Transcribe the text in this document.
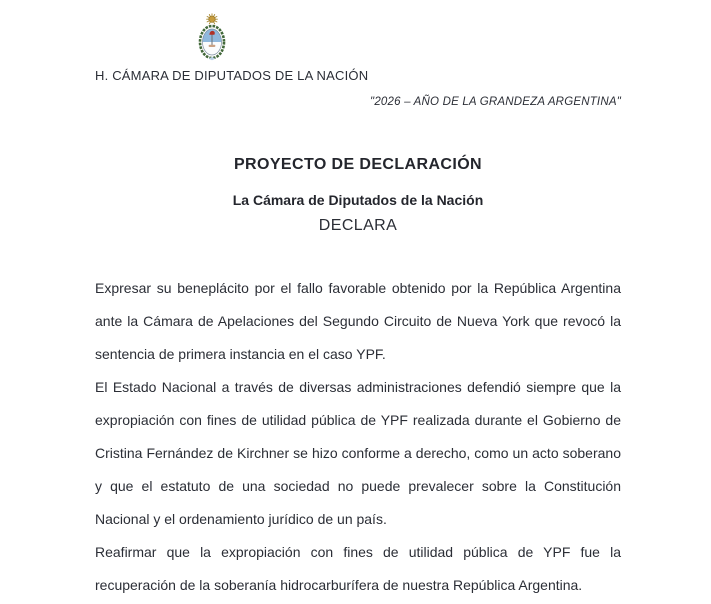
H. CÁMARA DE DIPUTADOS DE LA NACIÓN
"2026 – AÑO DE LA GRANDEZA ARGENTINA"
PROYECTO DE DECLARACIÓN
La Cámara de Diputados de la Nación
DECLARA

Expresar su beneplácito por el fallo favorable obtenido por la República Argentina ante la Cámara de Apelaciones del Segundo Circuito de Nueva York que revocó la sentencia de primera instancia en el caso YPF.

El Estado Nacional a través de diversas administraciones defendió siempre que la expropiación con fines de utilidad pública de YPF realizada durante el Gobierno de Cristina Fernández de Kirchner se hizo conforme a derecho, como un acto soberano y que el estatuto de una sociedad no puede prevalecer sobre la Constitución Nacional y el ordenamiento jurídico de un país.

Reafirmar que la expropiación con fines de utilidad pública de YPF fue la recuperación de la soberanía hidrocarburífera de nuestra República Argentina.
